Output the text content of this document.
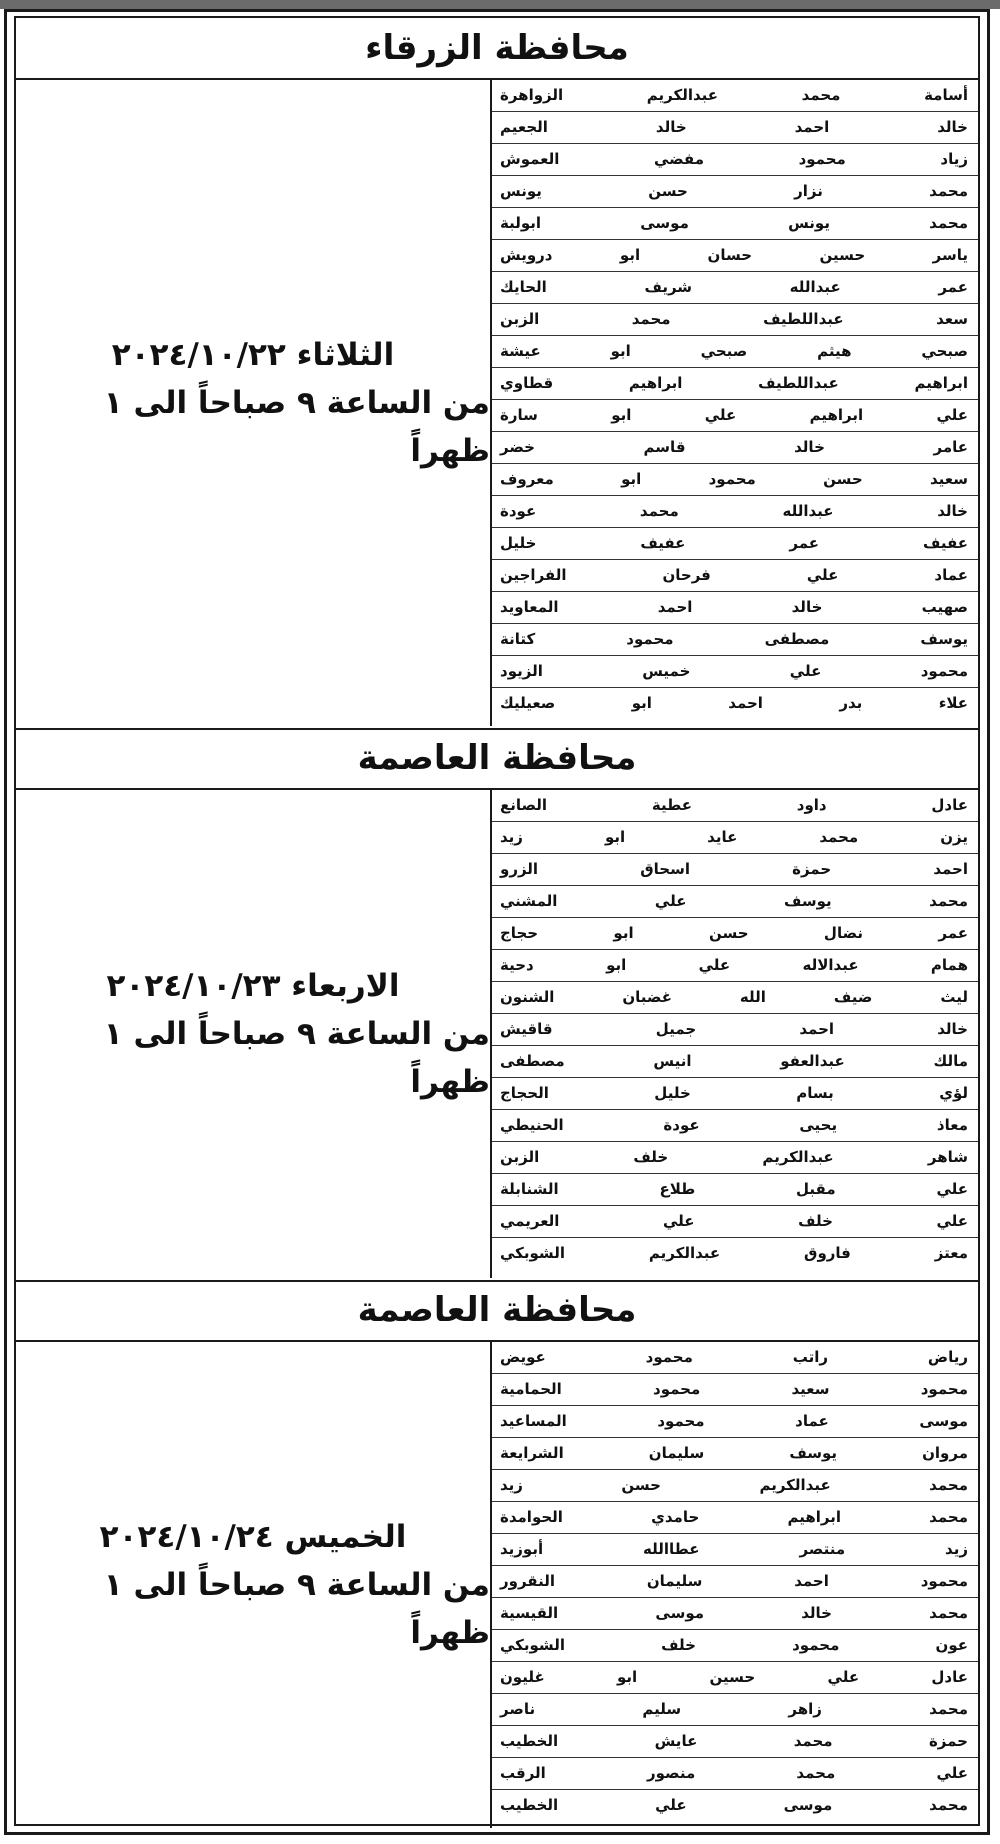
محافظة الزرقاء
الثلاثاء ٢٠٢٤/١٠/٢٢
من الساعة ٩ صباحاً الى ١ ظهراً
أسامة محمد عبدالكريم الزواهرة
خالد احمد خالد الجعيم
زياد محمود مفضي العموش
محمد نزار حسن يونس
محمد يونس موسى ابولبة
ياسر حسين حسان ابو درويش
عمر عبدالله شريف الحايك
سعد عبداللطيف محمد الزبن
صبحي هيثم صبحي ابو عيشة
ابراهيم عبداللطيف ابراهيم قطاوي
علي ابراهيم علي ابو سارة
عامر خالد قاسم خضر
سعيد حسن محمود ابو معروف
خالد عبدالله محمد عودة
عفيف عمر عفيف خليل
عماد علي فرحان الفراجين
صهيب خالد احمد المعاويد
يوسف مصطفى محمود كتانة
محمود علي خميس الزيود
علاء بدر احمد ابو صعيليك
محافظة العاصمة
الاربعاء ٢٠٢٤/١٠/٢٣
من الساعة ٩ صباحاً الى ١ ظهراً
عادل داود عطية الصانع
يزن محمد عايد ابو زيد
احمد حمزة اسحاق الزرو
محمد يوسف علي المشني
عمر نضال حسن ابو حجاج
همام عبدالاله علي ابو دحية
ليث ضيف الله غضبان الشنون
خالد احمد جميل قاقيش
مالك عبدالعفو انيس مصطفى
لؤي بسام خليل الحجاج
معاذ يحيى عودة الحنيطي
شاهر عبدالكريم خلف الزبن
علي مقبل طلاع الشنابلة
علي خلف علي العريمي
معتز فاروق عبدالكريم الشوبكي
محافظة العاصمة
الخميس ٢٠٢٤/١٠/٢٤
من الساعة ٩ صباحاً الى ١ ظهراً
رياض راتب محمود عويض
محمود سعيد محمود الحمامية
موسى عماد محمود المساعيد
مروان يوسف سليمان الشرايعة
محمد عبدالكريم حسن زيد
محمد ابراهيم حامدي الحوامدة
زيد منتصر عطاالله أبوزيد
محمود احمد سليمان النقرور
محمد خالد موسى القيسية
عون محمود خلف الشوبكي
عادل علي حسين ابو غليون
محمد زاهر سليم ناصر
حمزة محمد عايش الخطيب
علي محمد منصور الرقب
محمد موسى علي الخطيب
